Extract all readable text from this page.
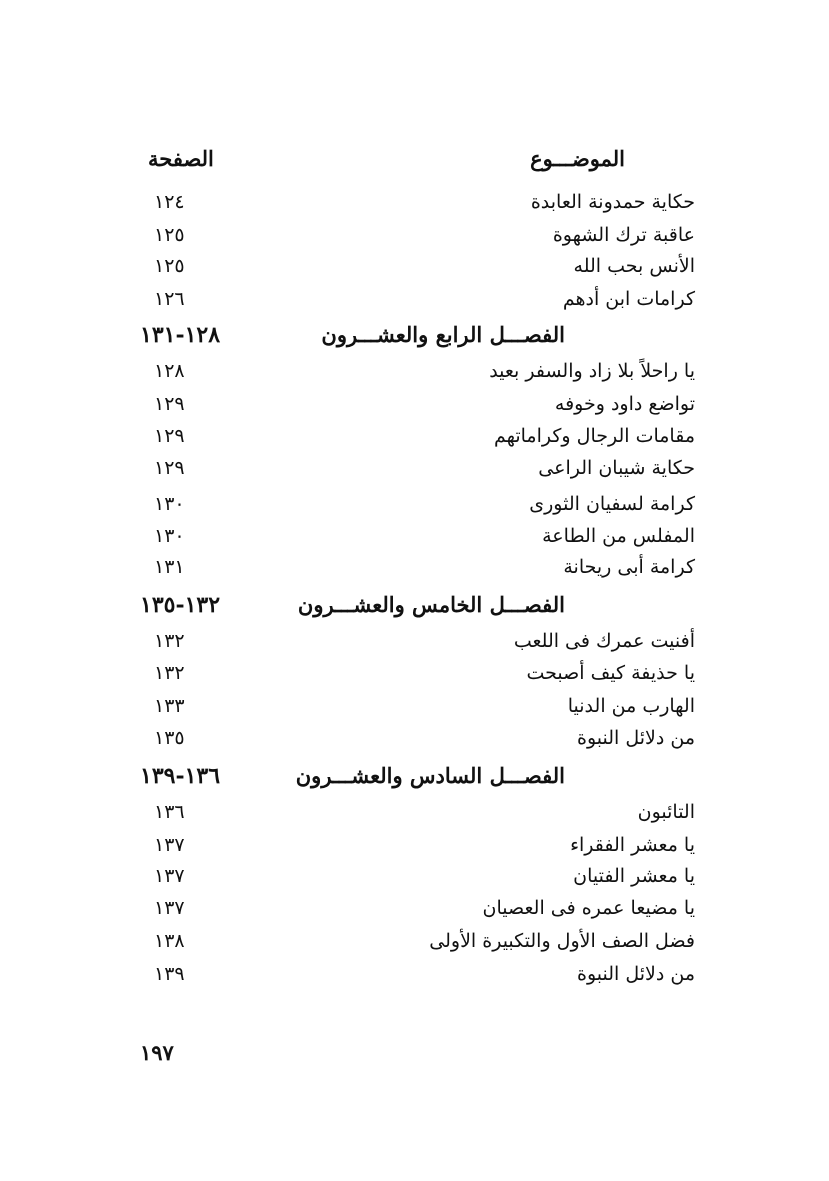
الموضـــوع
الصفحة
حكاية حمدونة العابدة
١٢٤
عاقبة ترك الشهوة
١٢٥
الأنس بحب الله
١٢٥
كرامات ابن أدهم
١٢٦
الفصـــل الرابع والعشـــرون
١٢٨-١٣١
يا راحلاً بلا زاد والسفر بعيد
١٢٨
تواضع داود وخوفه
١٢٩
مقامات الرجال وكراماتهم
١٢٩
حكاية شيبان الراعى
١٢٩
كرامة لسفيان الثورى
١٣٠
المفلس من الطاعة
١٣٠
كرامة أبى ريحانة
١٣١
الفصـــل الخامس والعشـــرون
١٣٢-١٣٥
أفنيت عمرك فى اللعب
١٣٢
يا حذيفة كيف أصبحت
١٣٢
الهارب من الدنيا
١٣٣
من دلائل النبوة
١٣٥
الفصـــل السادس والعشـــرون
١٣٦-١٣٩
التائبون
١٣٦
يا معشر الفقراء
١٣٧
يا معشر الفتيان
١٣٧
يا مضيعا عمره فى العصيان
١٣٧
فضل الصف الأول والتكبيرة الأولى
١٣٨
من دلائل النبوة
١٣٩
١٩٧
